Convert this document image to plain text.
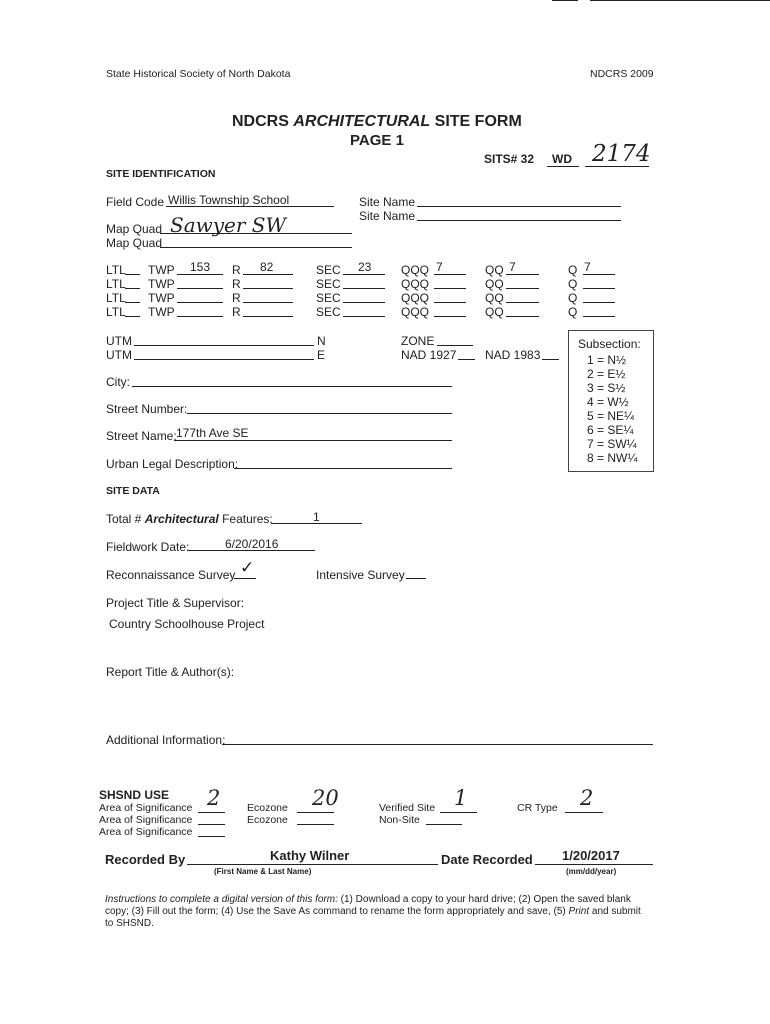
State Historical Society of North Dakota	NDCRS 2009
NDCRS ARCHITECTURAL SITE FORM
PAGE 1
SITS# 32 WD 2174
SITE IDENTIFICATION
Field Code Willis Township School	Site Name
Site Name
Map Quad Sawyer SW
Map Quad
LTL TWP 153 R 82	SEC 23 QQQ 7	QQ 7	Q 7
LTL TWP	R	SEC	QQQ	QQ	Q
LTL TWP	R	SEC	QQQ	QQ	Q
LTL TWP	R	SEC	QQQ	QQ	Q
UTM	N
UTM	E
ZONE
NAD 1927 NAD 1983
Subsection:
1 = N½
2 = E½
3 = S½
4 = W½
5 = NE¼
6 = SE¼
7 = SW¼
8 = NW¼
City:
Street Number:
Street Name: 177th Ave SE
Urban Legal Description:
SITE DATA
Total # Architectural Features:	1
Fieldwork Date:	6/20/2016
Reconnaissance Survey ✓	Intensive Survey
Project Title & Supervisor:
Country Schoolhouse Project
Report Title & Author(s):
Additional Information:
SHSND USE
Area of Significance 2
Area of Significance
Area of Significance
Ecozone 20
Ecozone
Verified Site 1
Non-Site
CR Type 2
Recorded By	Kathy Wilner
(First Name & Last Name)
Date Recorded 1/20/2017
(mm/dd/year)
Instructions to complete a digital version of this form: (1) Download a copy to your hard drive; (2) Open the saved blank copy; (3) Fill out the form; (4) Use the Save As command to rename the form appropriately and save, (5) Print and submit to SHSND.
